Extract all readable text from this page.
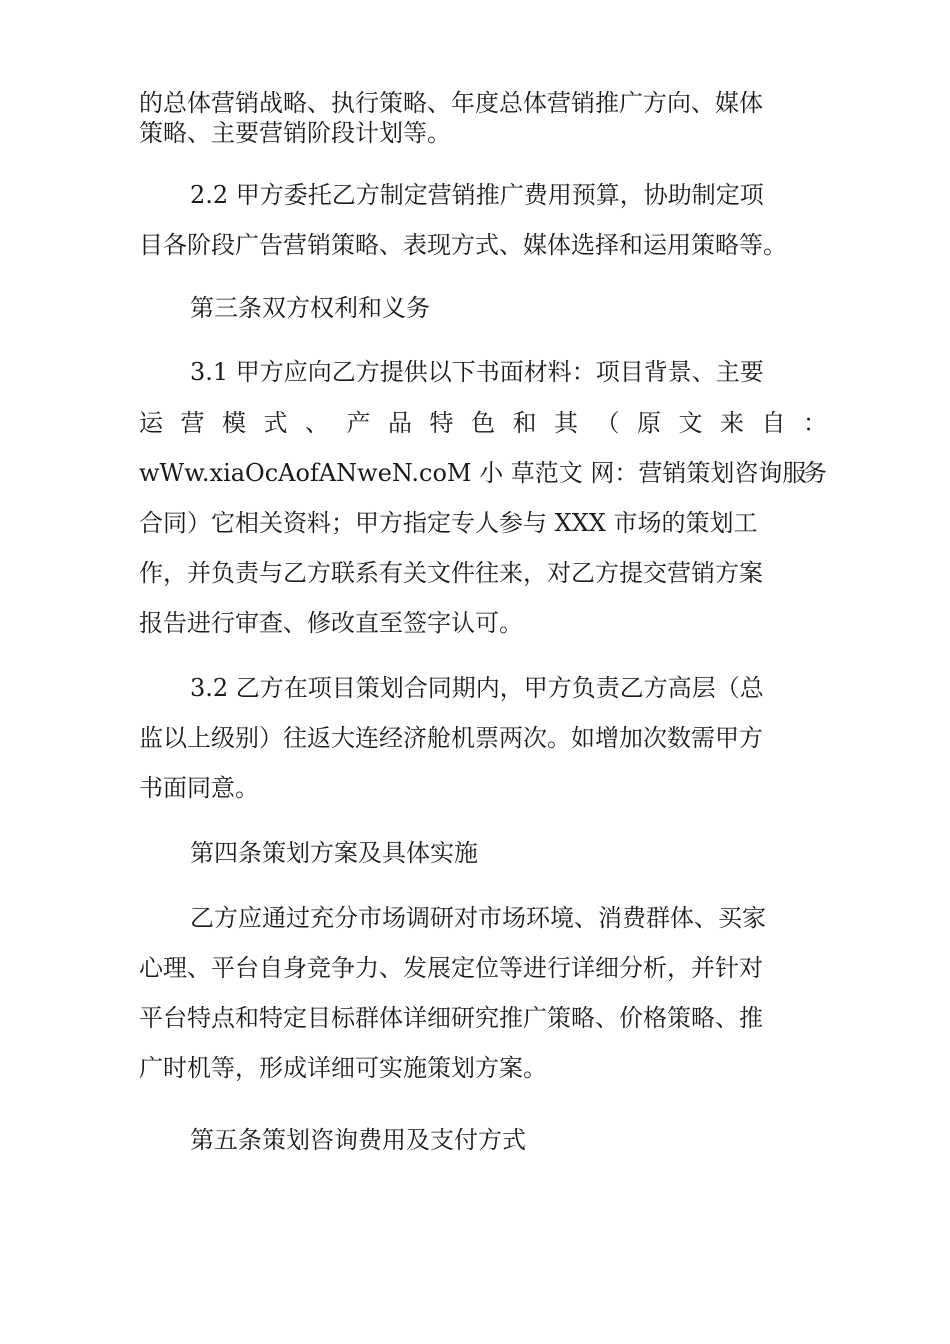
的总体营销战略、执行策略、年度总体营销推广方向、媒体
策略、主要营销阶段计划等。
2.2 甲方委托乙方制定营销推广费用预算，协助制定项
目各阶段广告营销策略、表现方式、媒体选择和运用策略等。
第三条双方权利和义务
3.1 甲方应向乙方提供以下书面材料：项目背景、主要
运 营 模 式 、 产 品 特 色 和 其 （ 原 文 来 自 ：
wWw.xiaOcAofANweN.coM 小 草范文 网：营销策划咨询服
务
合同）它相关资料；甲方指定专人参与 XXX 市场的策划工
作，并负责与乙方联系有关文件往来，对乙方提交营销方案
报告进行审查、修改直至签字认可。
3.2 乙方在项目策划合同期内，甲方负责乙方高层（总
监以上级别）往返大连经济舱机票两次。如增加次数需甲方
书面同意。
第四条策划方案及具体实施
乙方应通过充分市场调研对市场环境、消费群体、买家
心理、平台自身竞争力、发展定位等进行详细分析，并针对
平台特点和特定目标群体详细研究推广策略、价格策略、推
广时机等，形成详细可实施策划方案。
第五条策划咨询费用及支付方式
